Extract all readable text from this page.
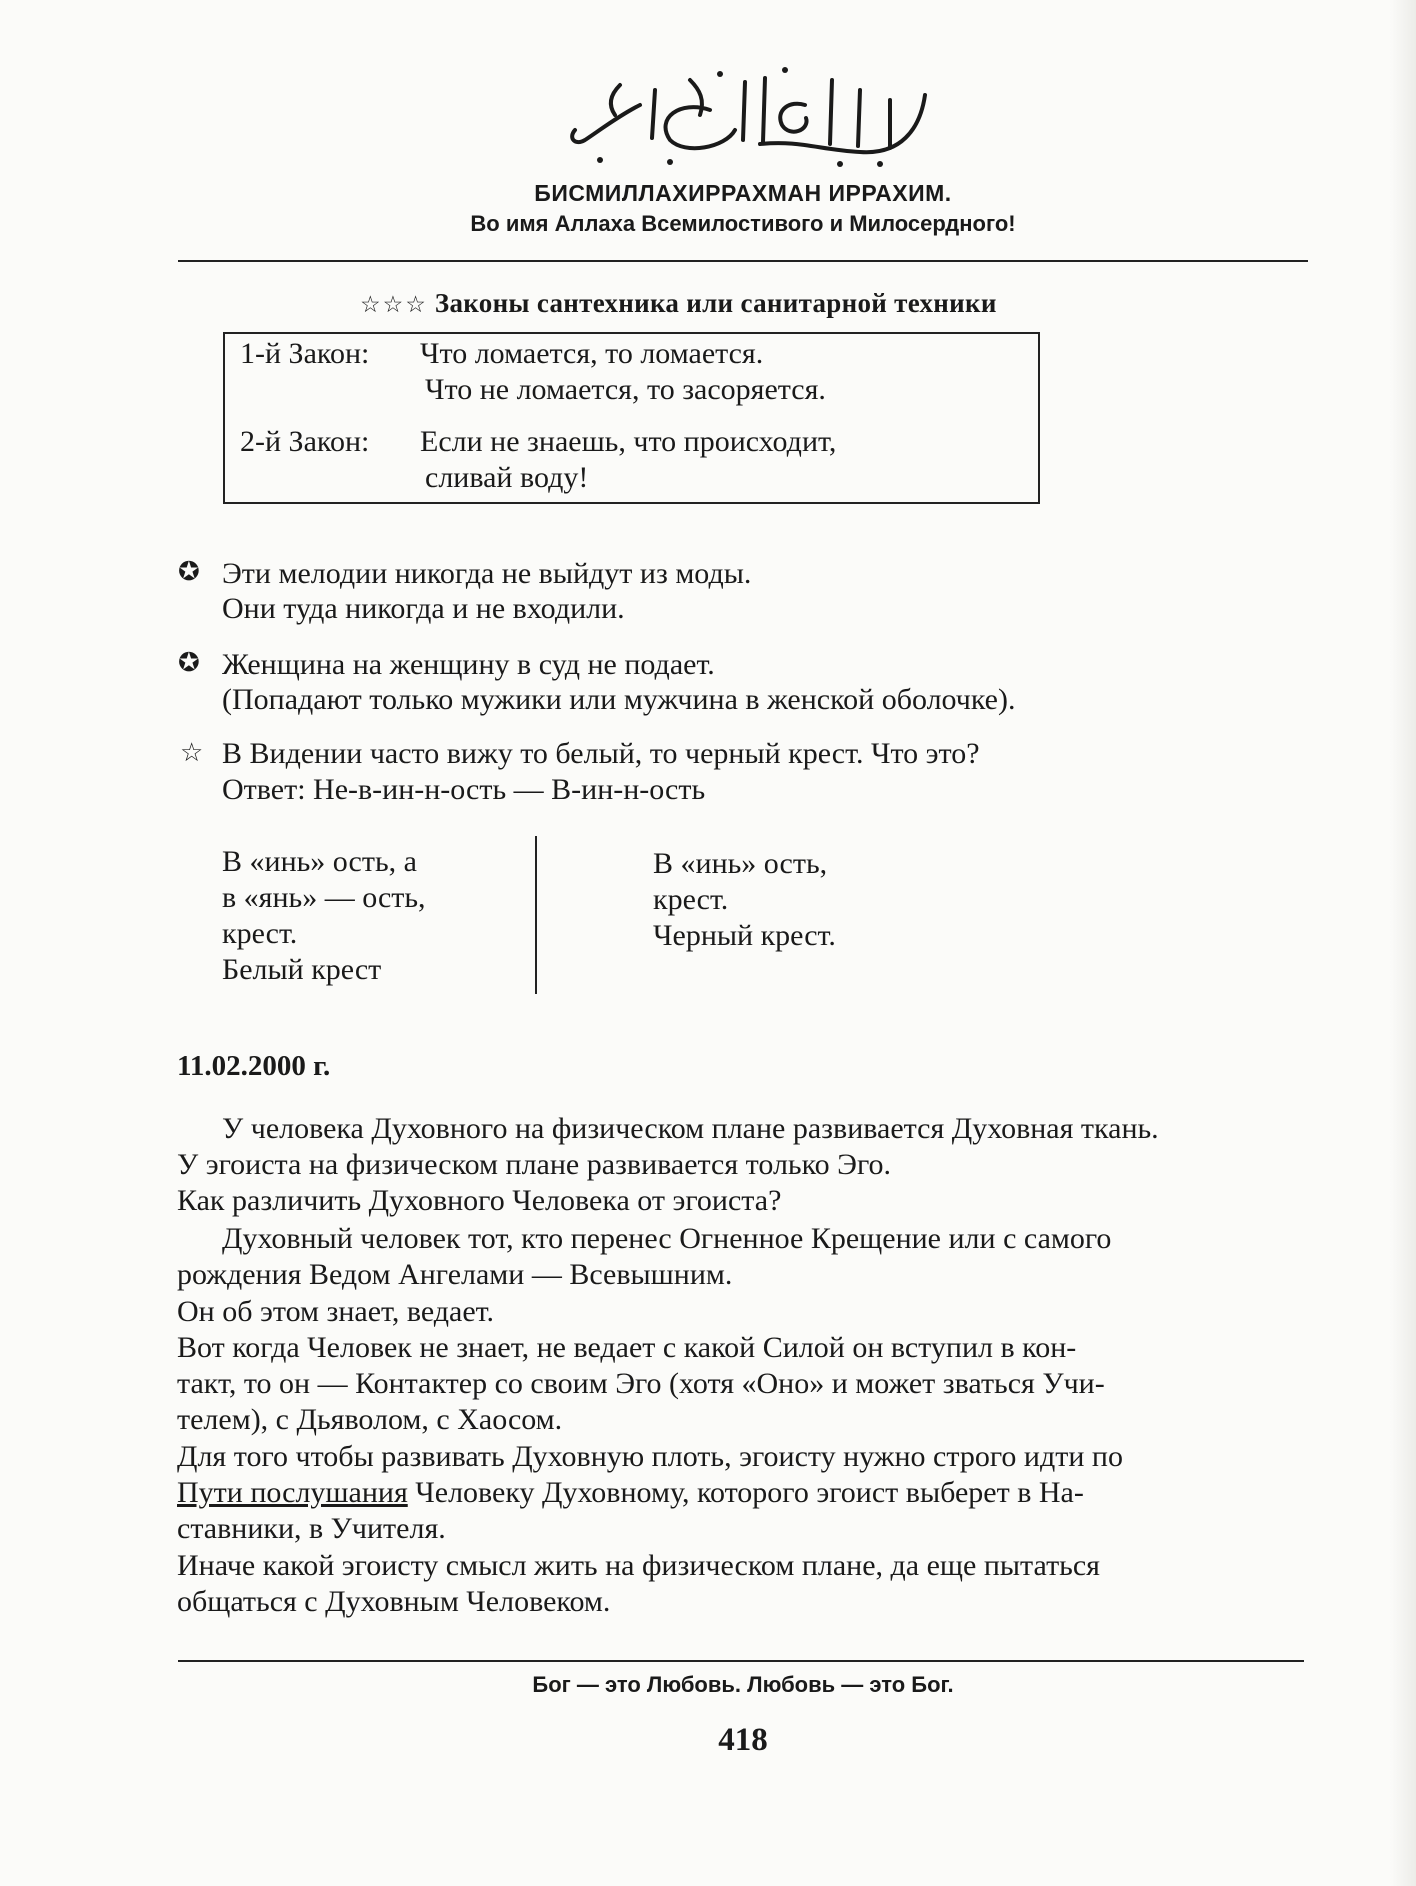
БИСМИЛЛАХИРРАХМАН ИРРАХИМ.
Во имя Аллаха Всемилостивого и Милосердного!
☆☆☆ Законы сантехника или санитарной техники
1-й Закон: Что ломается, то ломается.
Что не ломается, то засоряется.
2-й Закон: Если не знаешь, что происходит,
сливай воду!
✪ Эти мелодии никогда не выйдут из моды.
Они туда никогда и не входили.
✪ Женщина на женщину в суд не подает.
(Попадают только мужики или мужчина в женской оболочке).
☆ В Видении часто вижу то белый, то черный крест. Что это?
Ответ: Не-в-ин-н-ость — В-ин-н-ость
В «инь» ость, а
в «янь» — ость,
крест.
Белый крест
В «инь» ость,
крест.
Черный крест.
11.02.2000 г.
У человека Духовного на физическом плане развивается Духовная ткань.
У эгоиста на физическом плане развивается только Эго.
Как различить Духовного Человека от эгоиста?
Духовный человек тот, кто перенес Огненное Крещение или с самого
рождения Ведом Ангелами — Всевышним.
Он об этом знает, ведает.
Вот когда Человек не знает, не ведает с какой Силой он вступил в кон-
такт, то он — Контактер со своим Эго (хотя «Оно» и может зваться Учи-
телем), с Дьяволом, с Хаосом.
Для того чтобы развивать Духовную плоть, эгоисту нужно строго идти по
Пути послушания Человеку Духовному, которого эгоист выберет в На-
ставники, в Учителя.
Иначе какой эгоисту смысл жить на физическом плане, да еще пытаться
общаться с Духовным Человеком.
Бог — это Любовь. Любовь — это Бог.
418
